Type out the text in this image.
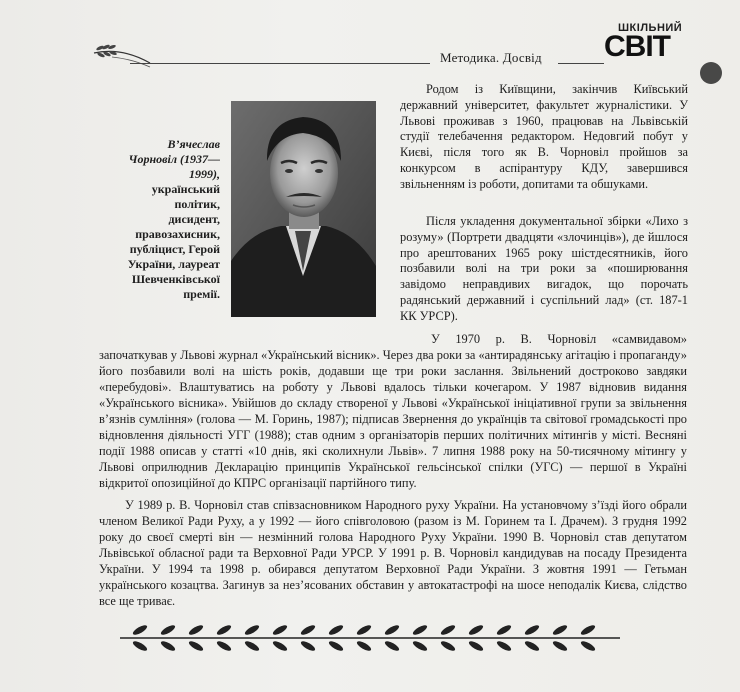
Методика. Досвід
ШКІЛЬНИЙ
СВІТ
В’ячеслав Чорновіл (1937—1999), український політик, дисидент, правозахисник, публіцист, Герой України, лауреат Шевченківської премії.
Родом із Київщини, закінчив Київський державний університет, факультет журналістики. У Львові проживав з 1960, працював на Львівській студії телебачення редактором. Недовгий побут у Києві, після того як В. Чорновіл пройшов за конкурсом в аспірантуру КДУ, завершився звільненням із роботи, допитами та обшуками.
Після укладення документальної збірки «Лихо з розуму» (Портрети двадцяти «злочинців»), де йшлося про арештованих 1965 року шістдесятників, його позбавили волі на три роки за «поширювання завідомо неправдивих вигадок, що порочать радянський державний і суспільний лад» (ст. 187-1 КК УРСР).
У 1970 р. В. Чорновіл «самвидавом» започаткував у Львові журнал «Український вісник». Через два роки за «антирадянську агітацію і пропаганду» його позбавили волі на шість років, додавши ще три роки заслання. Звільнений достроково завдяки «перебудові». Влаштуватись на роботу у Львові вдалось тільки кочегаром. У 1987 відновив видання «Українського вісника». Увійшов до складу створеної у Львові «Української ініціативної групи за звільнення в’язнів сумління» (голова — М. Горинь, 1987); підписав Звернення до українців та світової громадськості про відновлення діяльності УГГ (1988); став одним з організаторів перших політичних мітингів у місті. Весняні події 1988 описав у статті «10 днів, які сколихнули Львів». 7 липня 1988 року на 50-тисячному мітингу у Львові оприлюднив Декларацію принципів Української гельсінської спілки (УГС) — першої в Україні відкритої опозиційної до КПРС організації партійного типу.
У 1989 р. В. Чорновіл став співзасновником Народного руху України. На установчому з’їзді його обрали членом Великої Ради Руху, а у 1992 — його співголовою (разом із М. Горинем та І. Драчем). З грудня 1992 року до своєї смерті він — незмінний голова Народного Руху України. 1990 В. Чорновіл став депутатом Львівської обласної ради та Верховної Ради УРСР. У 1991 р. В. Чорновіл кандидував на посаду Президента України. У 1994 та 1998 р. обирався депутатом Верховної Ради України. З жовтня 1991 — Гетьман українського козацтва. Загинув за нез’ясованих обставин у автокатастрофі на шосе неподалік Києва, слідство все ще триває.
